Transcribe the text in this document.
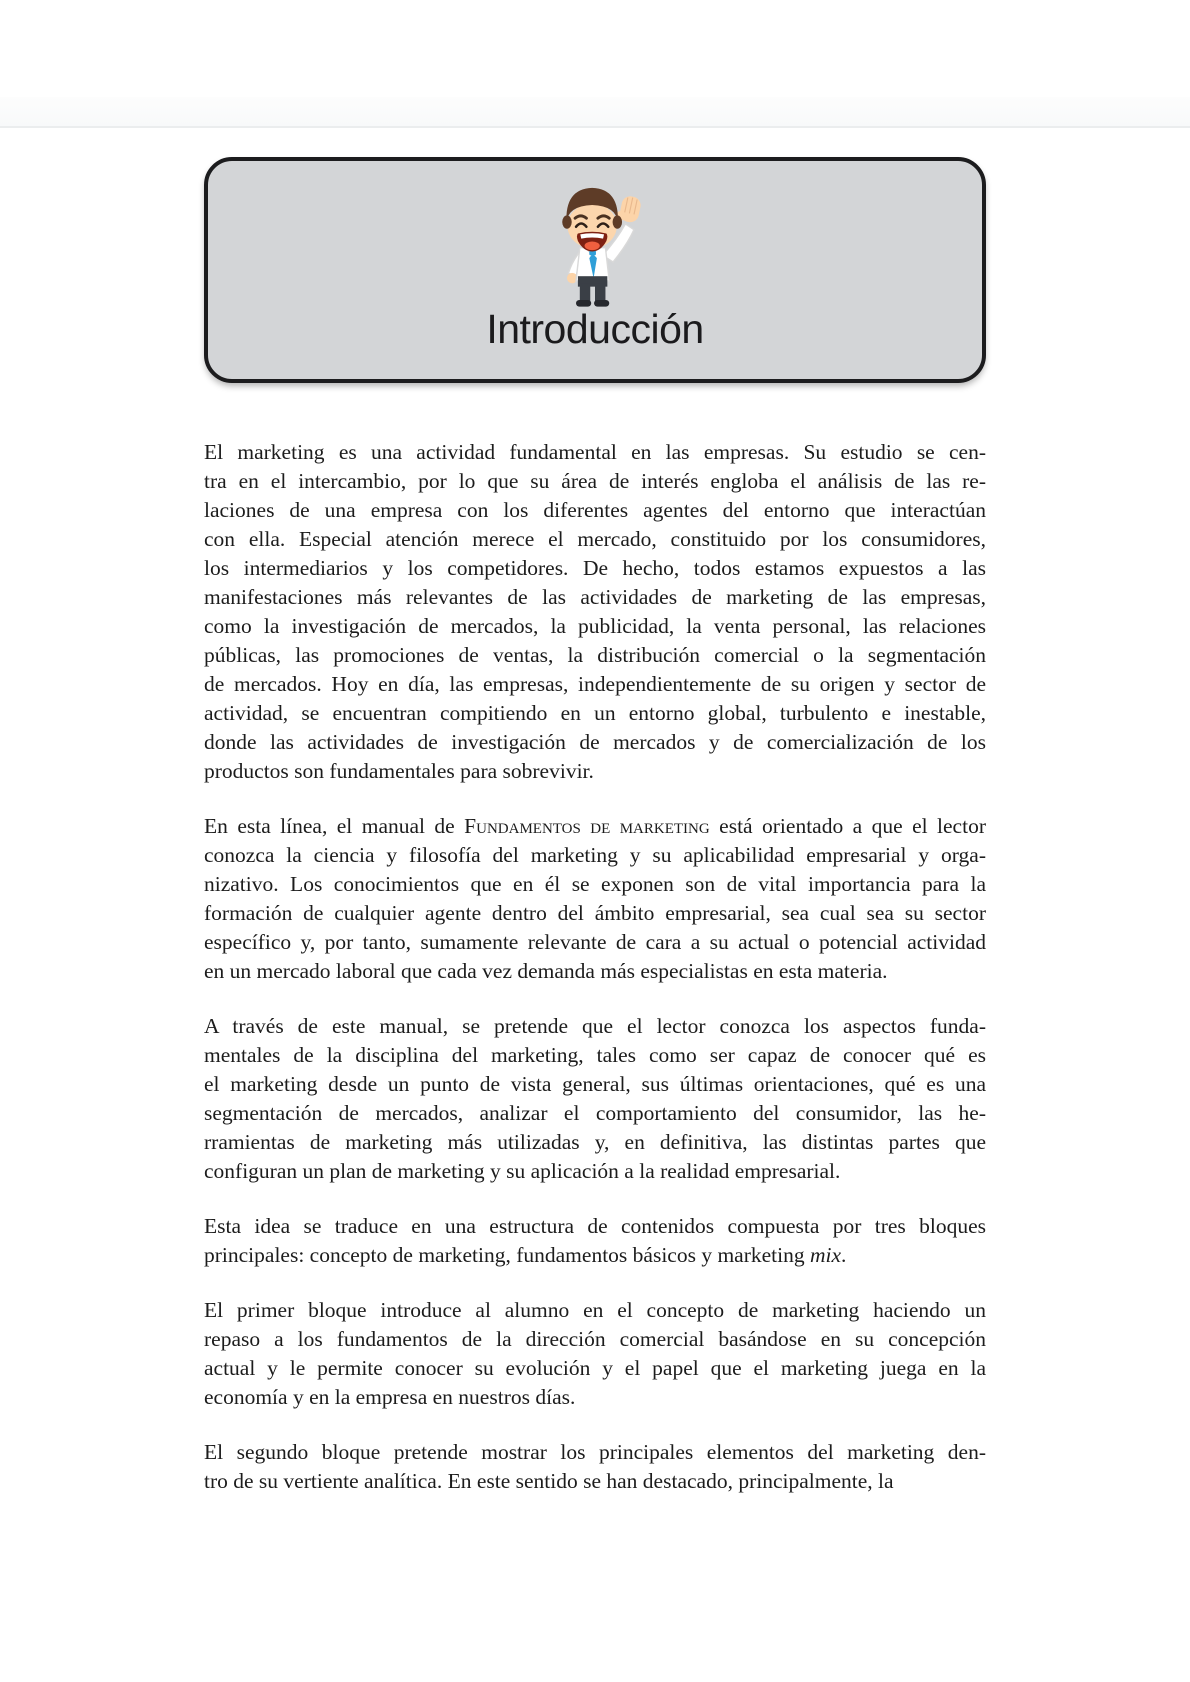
Introducción
El marketing es una actividad fundamental en las empresas. Su estudio se cen-
tra en el intercambio, por lo que su área de interés engloba el análisis de las re-
laciones de una empresa con los diferentes agentes del entorno que interactúan
con ella. Especial atención merece el mercado, constituido por los consumidores,
los intermediarios y los competidores. De hecho, todos estamos expuestos a las
manifestaciones más relevantes de las actividades de marketing de las empresas,
como la investigación de mercados, la publicidad, la venta personal, las relaciones
públicas, las promociones de ventas, la distribución comercial o la segmentación
de mercados. Hoy en día, las empresas, independientemente de su origen y sector de
actividad, se encuentran compitiendo en un entorno global, turbulento e inestable,
donde las actividades de investigación de mercados y de comercialización de los
productos son fundamentales para sobrevivir.
En esta línea, el manual de Fundamentos de marketing está orientado a que el lector
conozca la ciencia y filosofía del marketing y su aplicabilidad empresarial y orga-
nizativo. Los conocimientos que en él se exponen son de vital importancia para la
formación de cualquier agente dentro del ámbito empresarial, sea cual sea su sector
específico y, por tanto, sumamente relevante de cara a su actual o potencial actividad
en un mercado laboral que cada vez demanda más especialistas en esta materia.
A través de este manual, se pretende que el lector conozca los aspectos funda-
mentales de la disciplina del marketing, tales como ser capaz de conocer qué es
el marketing desde un punto de vista general, sus últimas orientaciones, qué es una
segmentación de mercados, analizar el comportamiento del consumidor, las he-
rramientas de marketing más utilizadas y, en definitiva, las distintas partes que
configuran un plan de marketing y su aplicación a la realidad empresarial.
Esta idea se traduce en una estructura de contenidos compuesta por tres bloques
principales: concepto de marketing, fundamentos básicos y marketing mix.
El primer bloque introduce al alumno en el concepto de marketing haciendo un
repaso a los fundamentos de la dirección comercial basándose en su concepción
actual y le permite conocer su evolución y el papel que el marketing juega en la
economía y en la empresa en nuestros días.
El segundo bloque pretende mostrar los principales elementos del marketing den-
tro de su vertiente analítica. En este sentido se han destacado, principalmente, la
